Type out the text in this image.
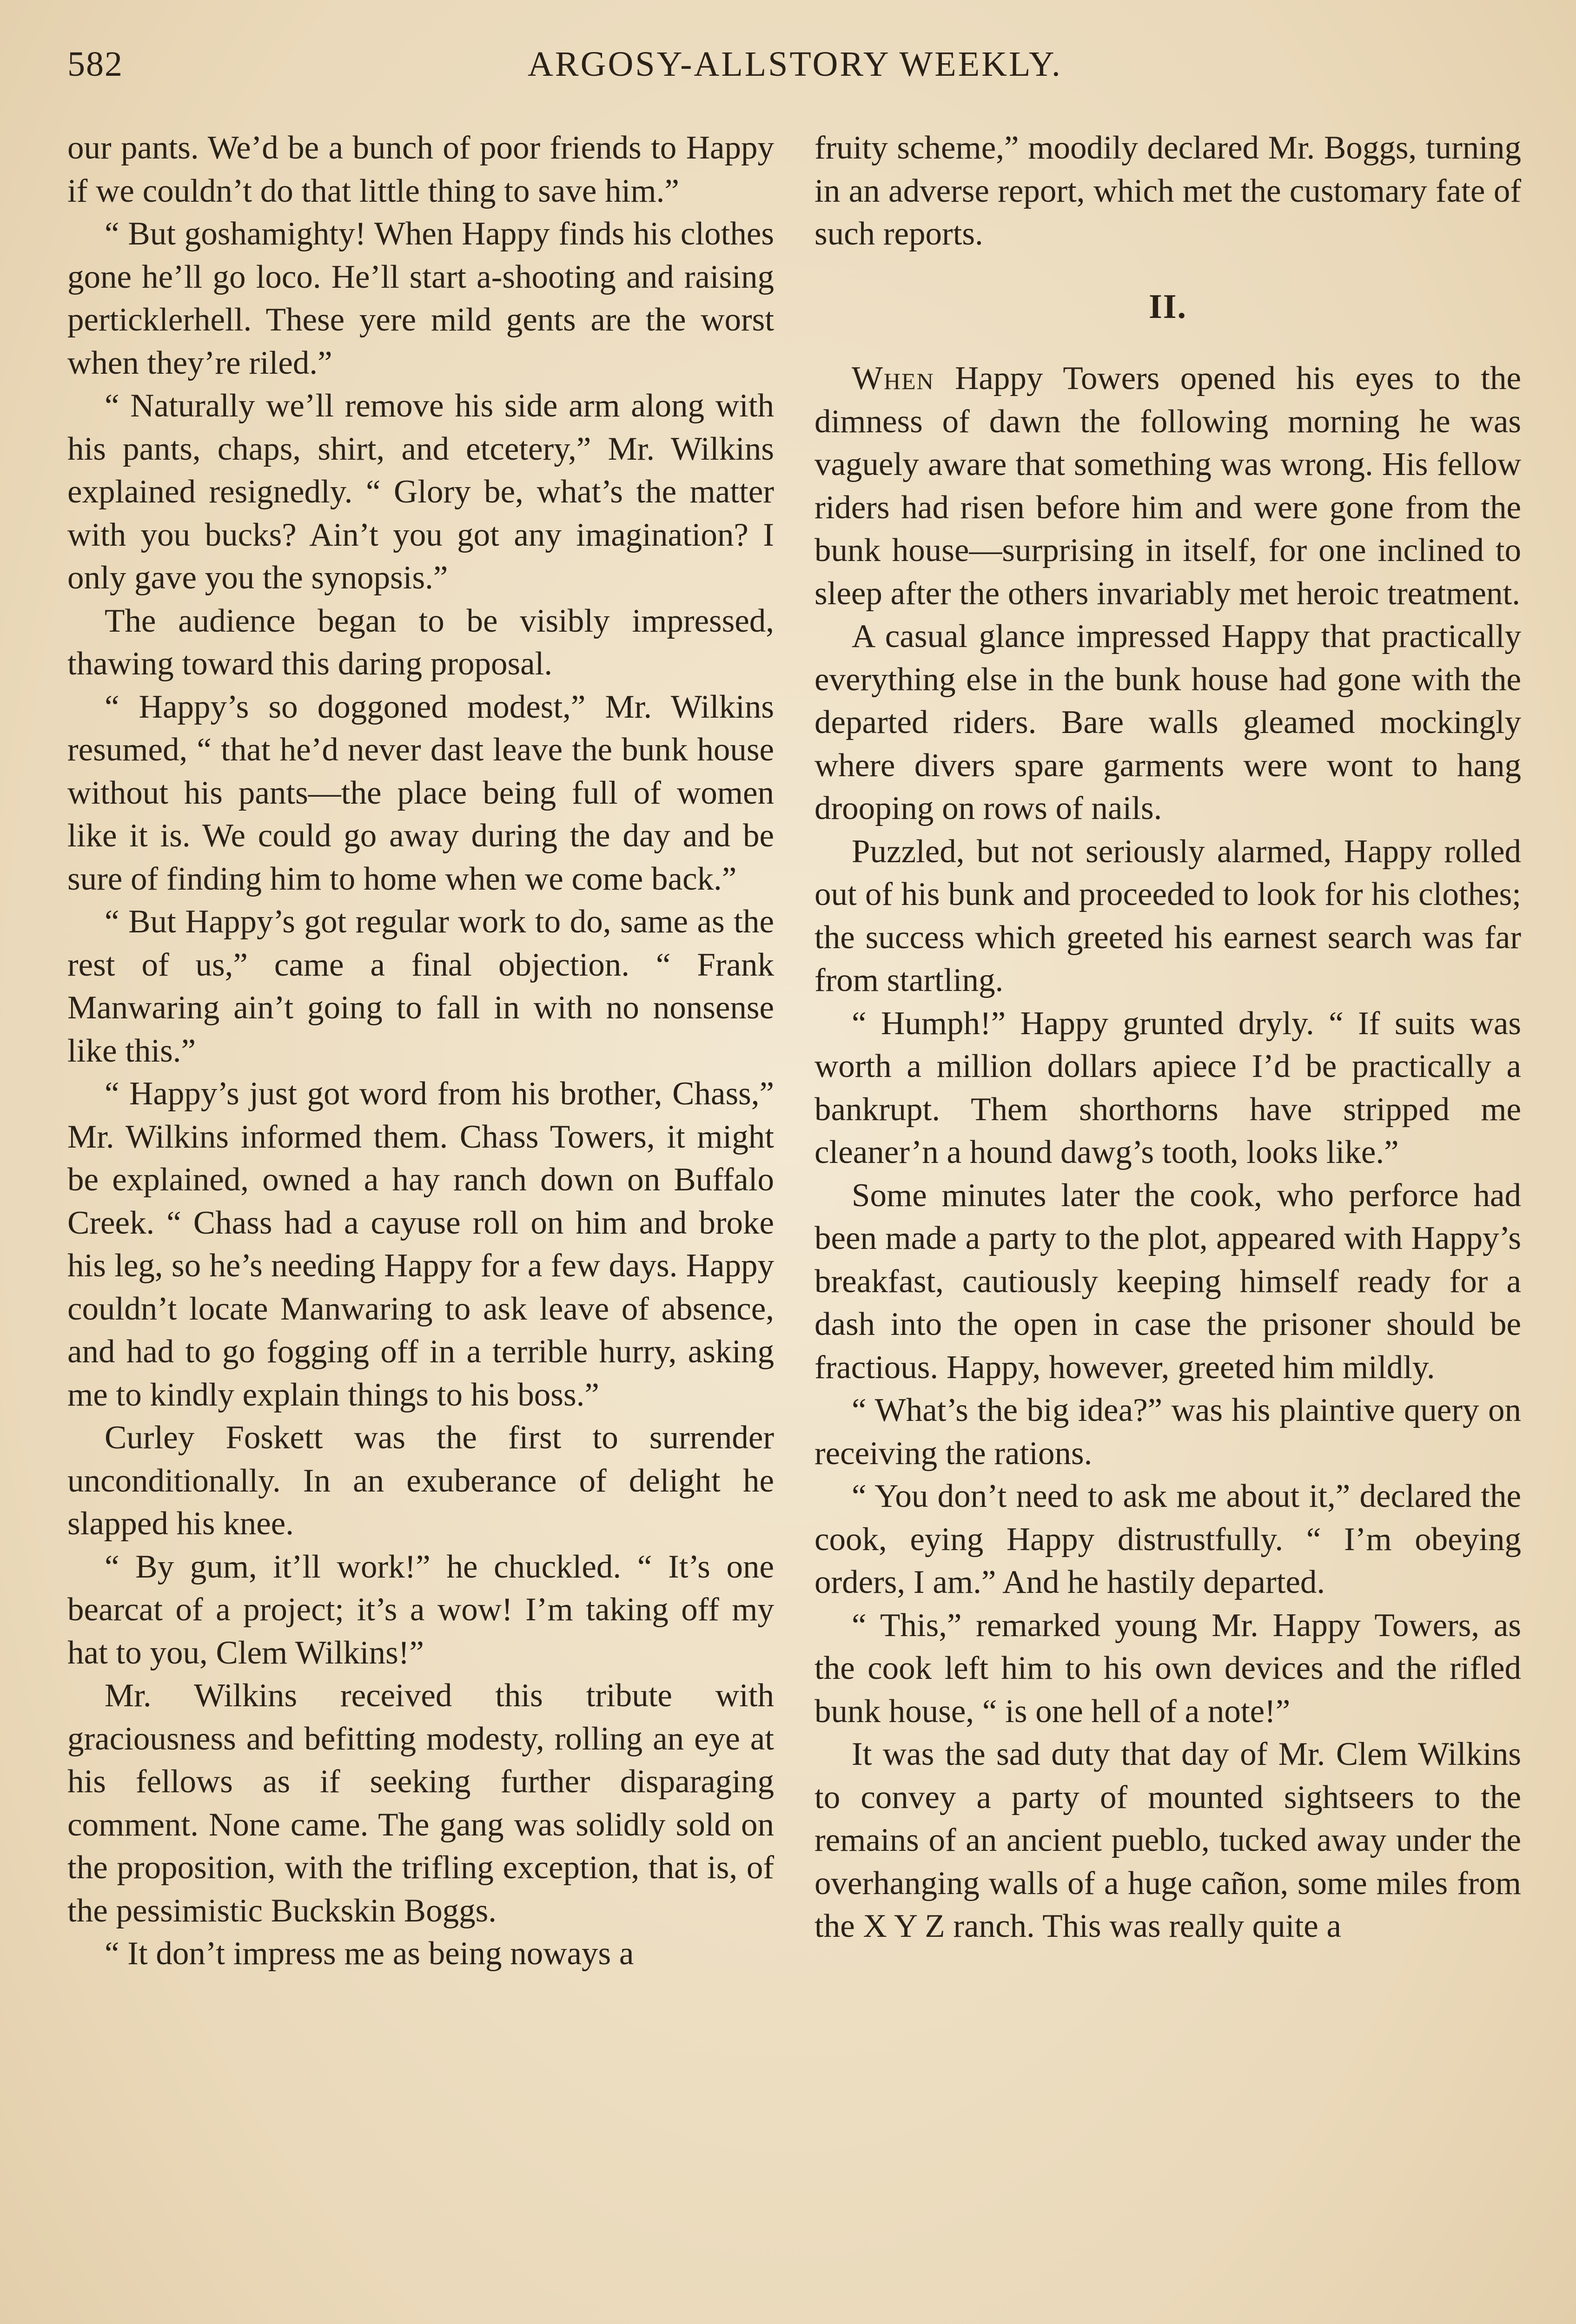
582	ARGOSY-ALLSTORY WEEKLY.

our pants. We’d be a bunch of poor friends to Happy if we couldn’t do that little thing to save him.”

“ But goshamighty! When Happy finds his clothes gone he’ll go loco. He’ll start a-shooting and raising perticklerhell. These yere mild gents are the worst when they’re riled.”

“ Naturally we’ll remove his side arm along with his pants, chaps, shirt, and etcetery,” Mr. Wilkins explained resignedly. “ Glory be, what’s the matter with you bucks? Ain’t you got any imagination? I only gave you the synopsis.”

The audience began to be visibly impressed, thawing toward this daring proposal.

“ Happy’s so doggoned modest,” Mr. Wilkins resumed, “ that he’d never dast leave the bunk house without his pants—the place being full of women like it is. We could go away during the day and be sure of finding him to home when we come back.”

“ But Happy’s got regular work to do, same as the rest of us,” came a final objection. “ Frank Manwaring ain’t going to fall in with no nonsense like this.”

“ Happy’s just got word from his brother, Chass,” Mr. Wilkins informed them. Chass Towers, it might be explained, owned a hay ranch down on Buffalo Creek. “ Chass had a cayuse roll on him and broke his leg, so he’s needing Happy for a few days. Happy couldn’t locate Manwaring to ask leave of absence, and had to go fogging off in a terrible hurry, asking me to kindly explain things to his boss.”

Curley Foskett was the first to surrender unconditionally. In an exuberance of delight he slapped his knee.

“ By gum, it’ll work!” he chuckled. “ It’s one bearcat of a project; it’s a wow! I’m taking off my hat to you, Clem Wilkins!”

Mr. Wilkins received this tribute with graciousness and befitting modesty, rolling an eye at his fellows as if seeking further disparaging comment. None came. The gang was solidly sold on the proposition, with the trifling exception, that is, of the pessimistic Buckskin Boggs.

“ It don’t impress me as being noways a

fruity scheme,” moodily declared Mr. Boggs, turning in an adverse report, which met the customary fate of such reports.

II.

When Happy Towers opened his eyes to the dimness of dawn the following morning he was vaguely aware that something was wrong. His fellow riders had risen before him and were gone from the bunk house—surprising in itself, for one inclined to sleep after the others invariably met heroic treatment.

A casual glance impressed Happy that practically everything else in the bunk house had gone with the departed riders. Bare walls gleamed mockingly where divers spare garments were wont to hang drooping on rows of nails.

Puzzled, but not seriously alarmed, Happy rolled out of his bunk and proceeded to look for his clothes; the success which greeted his earnest search was far from startling.

“ Humph!” Happy grunted dryly. “ If suits was worth a million dollars apiece I’d be practically a bankrupt. Them shorthorns have stripped me cleaner’n a hound dawg’s tooth, looks like.”

Some minutes later the cook, who perforce had been made a party to the plot, appeared with Happy’s breakfast, cautiously keeping himself ready for a dash into the open in case the prisoner should be fractious. Happy, however, greeted him mildly.

“ What’s the big idea?” was his plaintive query on receiving the rations.

“ You don’t need to ask me about it,” declared the cook, eying Happy distrustfully. “ I’m obeying orders, I am.” And he hastily departed.

“ This,” remarked young Mr. Happy Towers, as the cook left him to his own devices and the rifled bunk house, “ is one hell of a note!”

It was the sad duty that day of Mr. Clem Wilkins to convey a party of mounted sightseers to the remains of an ancient pueblo, tucked away under the overhanging walls of a huge cañon, some miles from the X Y Z ranch. This was really quite a
